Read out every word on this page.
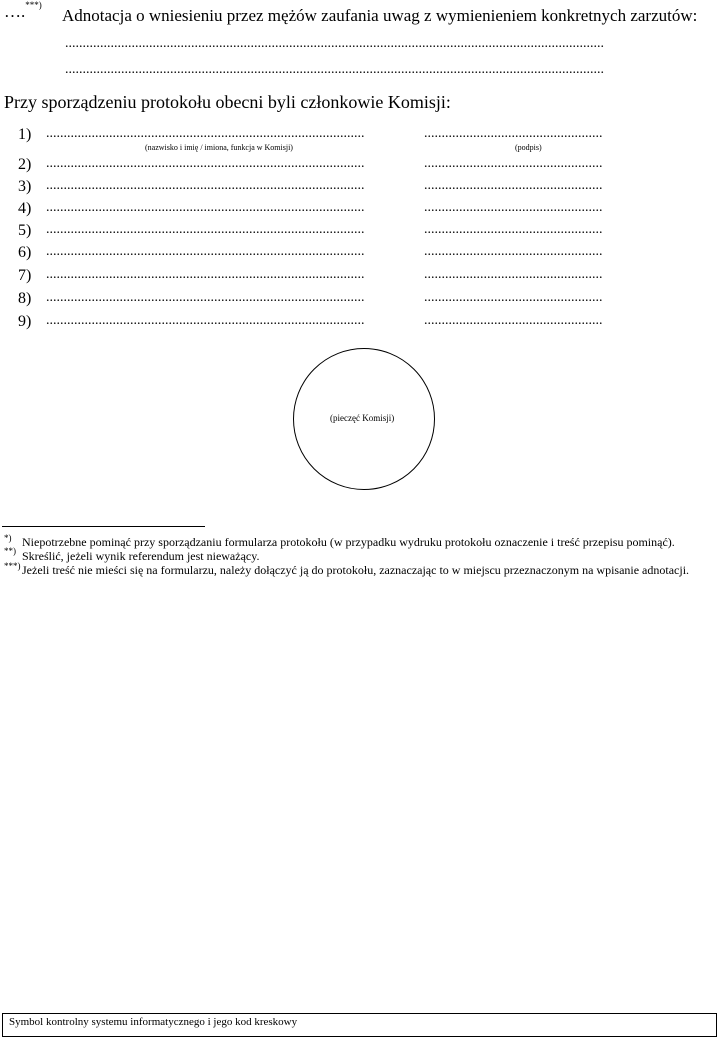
….***)
Adnotacja o wniesieniu przez mężów zaufania uwag z wymienieniem konkretnych zarzutów:
..........................................................................................................................................................
..........................................................................................................................................................
Przy sporządzeniu protokołu obecni byli członkowie Komisji:
1) ...........................................................................................	...................................................
2) ...........................................................................................	...................................................
3) ...........................................................................................	...................................................
4) ...........................................................................................	...................................................
5) ...........................................................................................	...................................................
6) ...........................................................................................	...................................................
7) ...........................................................................................	...................................................
8) ...........................................................................................	...................................................
9) ...........................................................................................	...................................................
(nazwisko i imię / imiona, funkcja w Komisji)	(podpis)
(pieczęć Komisji)
*) Niepotrzebne pominąć przy sporządzaniu formularza protokołu (w przypadku wydruku protokołu oznaczenie i treść przepisu pominąć).
**) Skreślić, jeżeli wynik referendum jest nieważący.
***) Jeżeli treść nie mieści się na formularzu, należy dołączyć ją do protokołu, zaznaczając to w miejscu przeznaczonym na wpisanie adnotacji.
Symbol kontrolny systemu informatycznego i jego kod kreskowy
